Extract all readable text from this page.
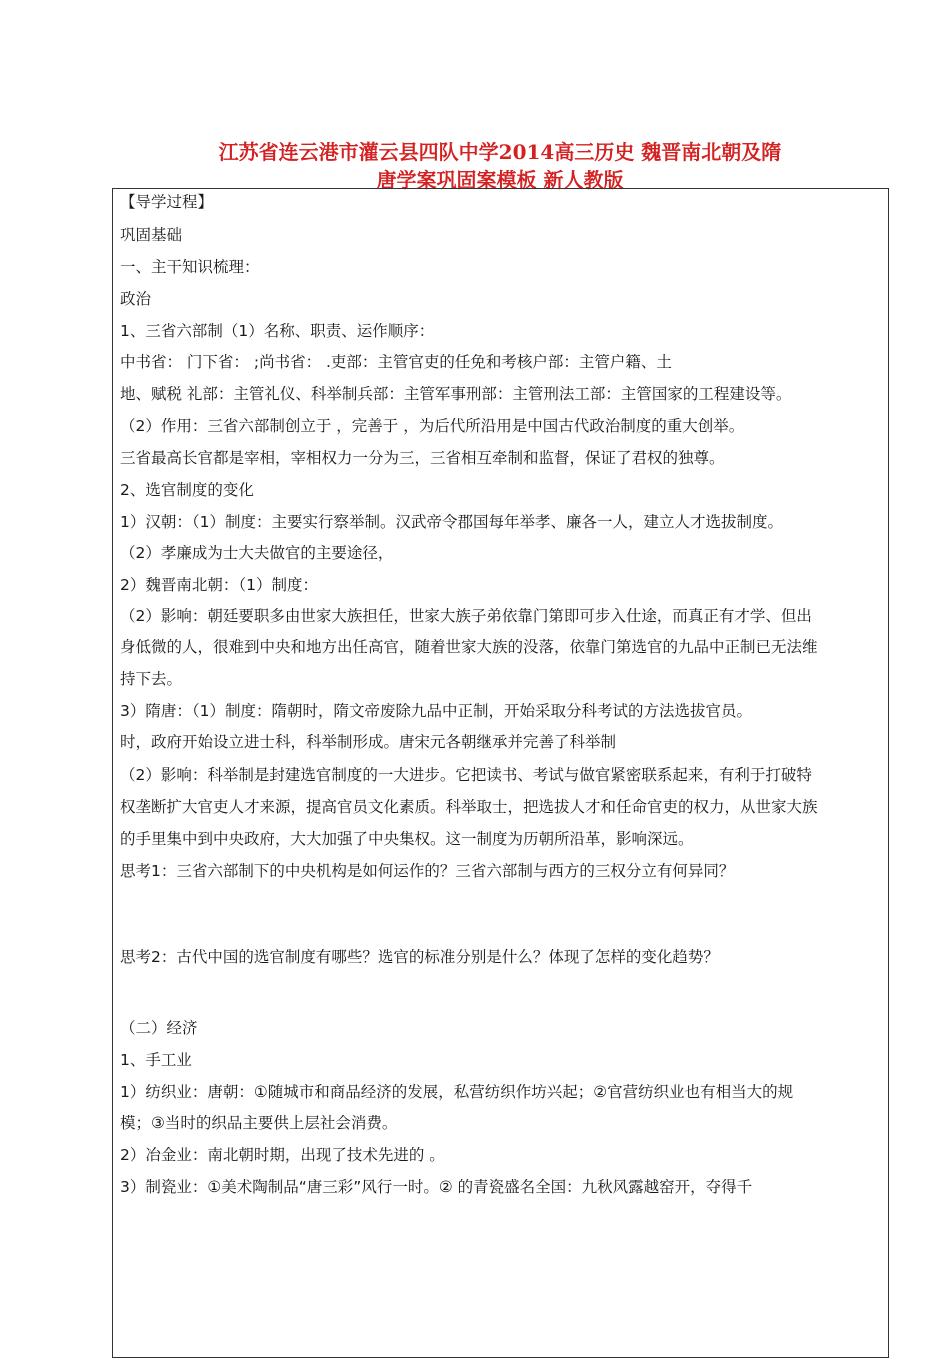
江苏省连云港市灌云县四队中学2014高三历史 魏晋南北朝及隋
唐学案巩固案模板 新人教版
【导学过程】
巩固基础
一、主干知识梳理：
政治
1、三省六部制（1）名称、职责、运作顺序：
中书省： 门下省： ;尚书省： .吏部：主管官吏的任免和考核户部：主管户籍、土
地、赋税 礼部：主管礼仪、科举制兵部：主管军事刑部：主管刑法工部：主管国家的工程建设等。
（2）作用：三省六部制创立于 ，完善于 ，为后代所沿用是中国古代政治制度的重大创举。
三省最高长官都是宰相，宰相权力一分为三，三省相互牵制和监督，保证了君权的独尊。
2、选官制度的变化
1）汉朝：（1）制度：主要实行察举制。汉武帝令郡国每年举孝、廉各一人，建立人才选拔制度。
（2）孝廉成为士大夫做官的主要途径，
2）魏晋南北朝：（1）制度：
（2）影响：朝廷要职多由世家大族担任，世家大族子弟依靠门第即可步入仕途，而真正有才学、但出
身低微的人，很难到中央和地方出任高官，随着世家大族的没落，依靠门第选官的九品中正制已无法维
持下去。
3）隋唐：（1）制度：隋朝时，隋文帝废除九品中正制，开始采取分科考试的方法选拔官员。
时，政府开始设立进士科，科举制形成。唐宋元各朝继承并完善了科举制
（2）影响：科举制是封建选官制度的一大进步。它把读书、考试与做官紧密联系起来，有利于打破特
权垄断扩大官吏人才来源，提高官员文化素质。科举取士，把选拔人才和任命官吏的权力，从世家大族
的手里集中到中央政府，大大加强了中央集权。这一制度为历朝所沿革，影响深远。
思考1：三省六部制下的中央机构是如何运作的？三省六部制与西方的三权分立有何异同？
思考2：古代中国的选官制度有哪些？选官的标准分别是什么？体现了怎样的变化趋势？
（二）经济
1、手工业
1）纺织业：唐朝：①随城市和商品经济的发展，私营纺织作坊兴起；②官营纺织业也有相当大的规
模；③当时的织品主要供上层社会消费。
2）冶金业：南北朝时期，出现了技术先进的 。
3）制瓷业：①美术陶制品“唐三彩”风行一时。② 的青瓷盛名全国：九秋风露越窑开，夺得千
